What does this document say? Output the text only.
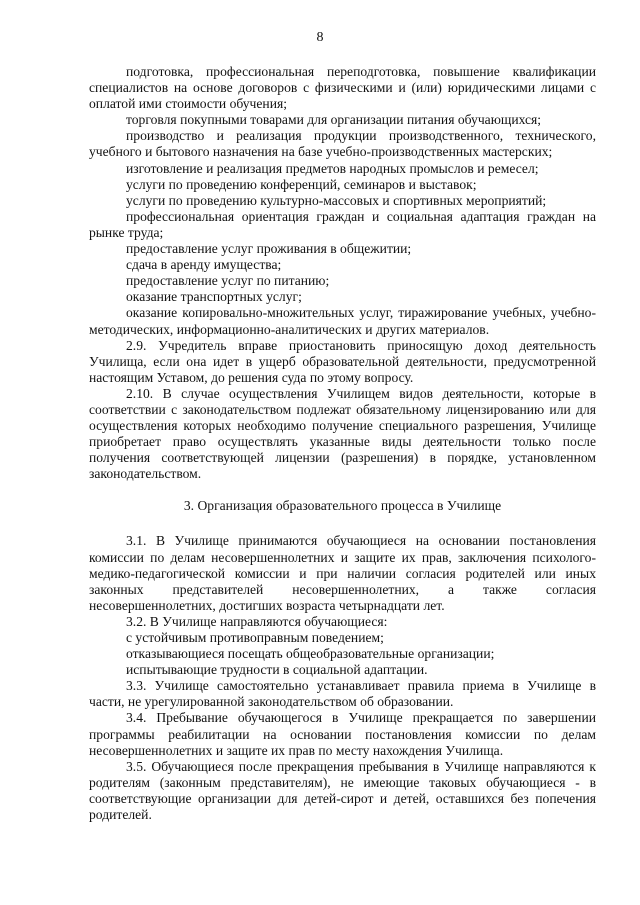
8

подготовка, профессиональная переподготовка, повышение квалификации специалистов на основе договоров с физическими и (или) юридическими лицами с оплатой ими стоимости обучения;

торговля покупными товарами для организации питания обучающихся;

производство и реализация продукции производственного, технического, учебного и бытового назначения на базе учебно-производственных мастерских;

изготовление и реализация предметов народных промыслов и ремесел;

услуги по проведению конференций, семинаров и выставок;

услуги по проведению культурно-массовых и спортивных мероприятий;

профессиональная ориентация граждан и социальная адаптация граждан на рынке труда;

предоставление услуг проживания в общежитии;

сдача в аренду имущества;

предоставление услуг по питанию;

оказание транспортных услуг;

оказание копировально-множительных услуг, тиражирование учебных, учебно-методических, информационно-аналитических и других материалов.

2.9. Учредитель вправе приостановить приносящую доход деятельность Училища, если она идет в ущерб образовательной деятельности, предусмотренной настоящим Уставом, до решения суда по этому вопросу.

2.10. В случае осуществления Училищем видов деятельности, которые в соответствии с законодательством подлежат обязательному лицензированию или для осуществления которых необходимо получение специального разрешения, Училище приобретает право осуществлять указанные виды деятельности только после получения соответствующей лицензии (разрешения) в порядке, установленном законодательством.

3. Организация образовательного процесса в Училище

3.1. В Училище принимаются обучающиеся на основании постановления комиссии по делам несовершеннолетних и защите их прав, заключения психолого-медико-педагогической комиссии и при наличии согласия родителей или иных законных представителей несовершеннолетних, а также согласия несовершеннолетних, достигших возраста четырнадцати лет.

3.2. В Училище направляются обучающиеся:

с устойчивым противоправным поведением;

отказывающиеся посещать общеобразовательные организации;

испытывающие трудности в социальной адаптации.

3.3. Училище самостоятельно устанавливает правила приема в Училище в части, не урегулированной законодательством об образовании.

3.4. Пребывание обучающегося в Училище прекращается по завершении программы реабилитации на основании постановления комиссии по делам несовершеннолетних и защите их прав по месту нахождения Училища.

3.5. Обучающиеся после прекращения пребывания в Училище направляются к родителям (законным представителям), не имеющие таковых обучающиеся - в соответствующие организации для детей-сирот и детей, оставшихся без попечения родителей.
